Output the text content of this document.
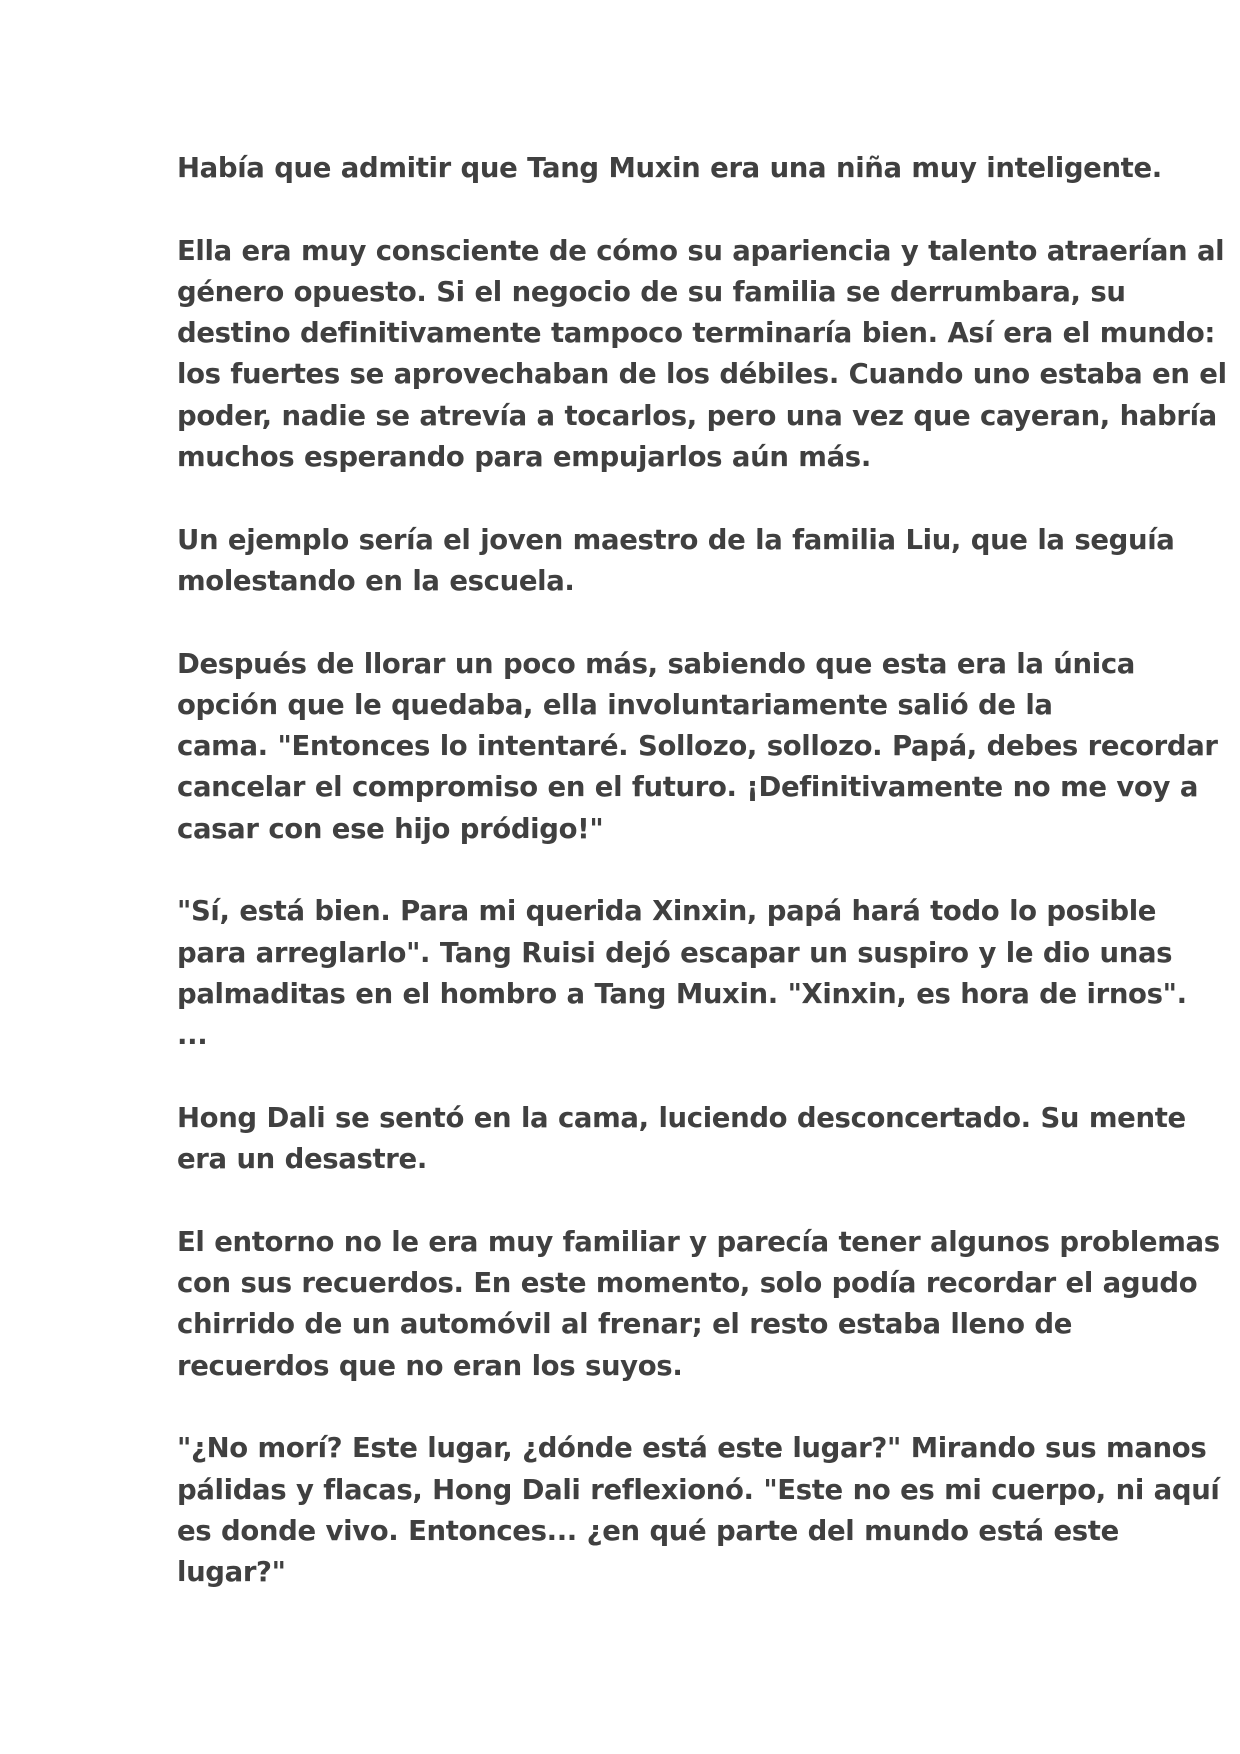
Había que admitir que Tang Muxin era una niña muy inteligente.

Ella era muy consciente de cómo su apariencia y talento atraerían al
género opuesto. Si el negocio de su familia se derrumbara, su
destino definitivamente tampoco terminaría bien. Así era el mundo:
los fuertes se aprovechaban de los débiles. Cuando uno estaba en el
poder, nadie se atrevía a tocarlos, pero una vez que cayeran, habría
muchos esperando para empujarlos aún más.

Un ejemplo sería el joven maestro de la familia Liu, que la seguía
molestando en la escuela.

Después de llorar un poco más, sabiendo que esta era la única
opción que le quedaba, ella involuntariamente salió de la
cama. "Entonces lo intentaré. Sollozo, sollozo. Papá, debes recordar
cancelar el compromiso en el futuro. ¡Definitivamente no me voy a
casar con ese hijo pródigo!"

"Sí, está bien. Para mi querida Xinxin, papá hará todo lo posible
para arreglarlo". Tang Ruisi dejó escapar un suspiro y le dio unas
palmaditas en el hombro a Tang Muxin. "Xinxin, es hora de irnos".
...

Hong Dali se sentó en la cama, luciendo desconcertado. Su mente
era un desastre.

El entorno no le era muy familiar y parecía tener algunos problemas
con sus recuerdos. En este momento, solo podía recordar el agudo
chirrido de un automóvil al frenar; el resto estaba lleno de
recuerdos que no eran los suyos.

"¿No morí? Este lugar, ¿dónde está este lugar?" Mirando sus manos
pálidas y flacas, Hong Dali reflexionó. "Este no es mi cuerpo, ni aquí
es donde vivo. Entonces... ¿en qué parte del mundo está este
lugar?"
